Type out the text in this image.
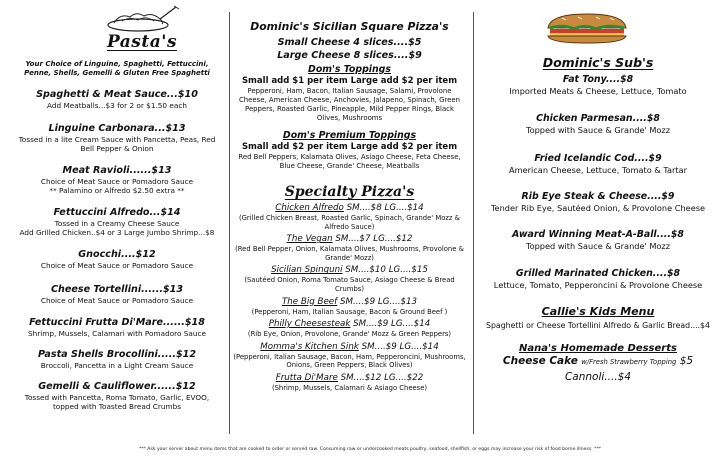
Pasta's
Your Choice of Linguine, Spaghetti, Fettuccini, Penne, Shells, Gemelli & Gluten Free Spaghetti
Spaghetti & Meat Sauce...$10
Add Meatballs...$3 for 2 or $1.50 each
Linguine Carbonara...$13
Tossed in a lite Cream Sauce with Pancetta, Peas, Red Bell Pepper & Onion
Meat Ravioli......$13
Choice of Meat Sauce or Pomadoro Sauce
** Palamino or Alfredo $2.50 extra **
Fettuccini Alfredo...$14
Tossed in a Creamy Cheese Sauce
Add Grilled Chicken..$4 or 3 Large Jumbo Shrimp...$8
Gnocchi....$12
Choice of Meat Sauce or Pomadoro Sauce
Cheese Tortellini......$13
Choice of Meat Sauce or Pomadoro Sauce
Fettuccini Frutta Di'Mare......$18
Shrimp, Mussels, Calamari with Pomadoro Sauce
Pasta Shells Brocollini.....$12
Broccoli, Pancetta in a Light Cream Sauce
Gemelli & Cauliflower......$12
Tossed with Pancetta, Roma Tomato, Garlic, EVOO, topped with Toasted Bread Crumbs
Dominic's Sicilian Square Pizza's
Small Cheese 4 slices....$5
Large Cheese 8 slices....$9
Dom's Toppings
Small add $1 per item Large add $2 per item
Pepperoni, Ham, Bacon, Italian Sausage, Salami, Provolone Cheese, American Cheese, Anchovies, Jalapeno, Spinach, Green Peppers, Roasted Garlic, Pineapple, Mild Pepper Rings, Black Olives, Mushrooms
Dom's Premium Toppings
Small add $2 per item Large add $2 per item
Red Bell Peppers, Kalamata Olives, Asiago Cheese, Feta Cheese, Blue Cheese, Grande' Cheese, Meatballs
Specialty Pizza's
Chicken Alfredo SM....$8 LG....$14
(Grilled Chicken Breast, Roasted Garlic, Spinach, Grande' Mozz & Alfredo Sauce)
The Vegan SM....$7 LG....$12
(Red Bell Pepper, Onion, Kalamata Olives, Mushrooms, Provolone & Grande' Mozz)
Sicilian Spinguni SM....$10 LG....$15
(Sautéed Onion, Roma Tomato Sauce, Asiago Cheese & Bread Crumbs)
The Big Beef SM....$9 LG....$13
(Pepperoni, Ham, Italian Sausage, Bacon & Ground Beef )
Philly Cheesesteak SM....$9 LG....$14
(Rib Eye, Onion, Provolone, Grande' Mozz & Green Peppers)
Momma's Kitchen Sink SM....$9 LG....$14
(Pepperoni, Italian Sausage, Bacon, Ham, Pepperoncini, Mushrooms, Onions, Green Peppers, Black Olives)
Frutta Di'Mare SM....$12 LG....$22
(Shrimp, Mussels, Calamari & Asiago Cheese)
Dominic's Sub's
Fat Tony....$8
Imported Meats & Cheese, Lettuce, Tomato
Chicken Parmesan....$8
Topped with Sauce & Grande' Mozz
Fried Icelandic Cod....$9
American Cheese, Lettuce, Tomato & Tartar
Rib Eye Steak & Cheese....$9
Tender Rib Eye, Sautéed Onion, & Provolone Cheese
Award Winning Meat-A-Ball....$8
Topped with Sauce & Grande' Mozz
Grilled Marinated Chicken....$8
Lettuce, Tomato, Pepperoncini & Provolone Cheese
Callie's Kids Menu
Spaghetti or Cheese Tortellini Alfredo & Garlic Bread....$4
Nana's Homemade Desserts
Cheese Cake w/Fresh Strawberry Topping $5
Cannoli....$4
*** Ask your server about menu items that are cooked to order or served raw. Consuming raw or undercooked meats poultry, seafood, shellfish, or eggs may increase your risk of food borne illness. ***
